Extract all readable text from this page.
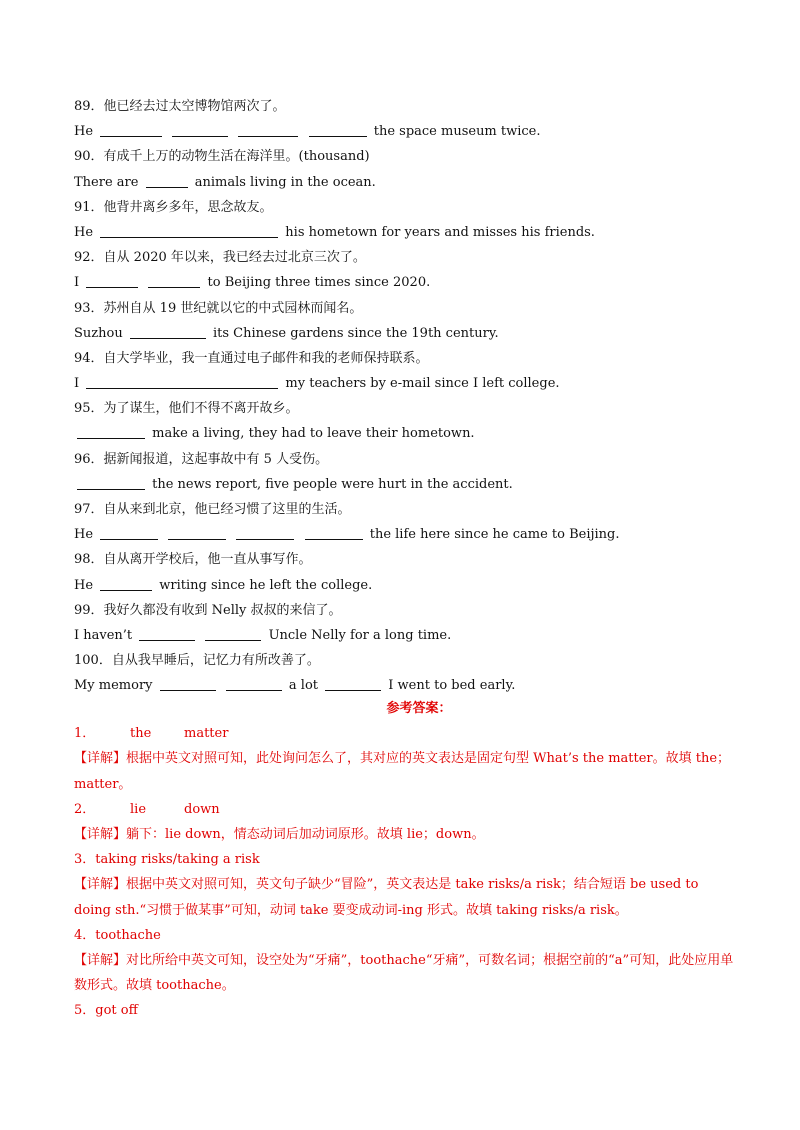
89．他已经去过太空博物馆两次了。
He	the space museum twice.
90．有成千上万的动物生活在海洋里。(thousand)
There are	animals living in the ocean.
91．他背井离乡多年，思念故友。
He	his hometown for years and misses his friends.
92．自从 2020 年以来，我已经去过北京三次了。
I	to Beijing three times since 2020.
93．苏州自从 19 世纪就以它的中式园林而闻名。
Suzhou	its Chinese gardens since the 19th century.
94．自大学毕业，我一直通过电子邮件和我的老师保持联系。
I	my teachers by e-mail since I left college.
95．为了谋生，他们不得不离开故乡。
make a living, they had to leave their hometown.
96．据新闻报道，这起事故中有 5 人受伤。
the news report, five people were hurt in the accident.
97．自从来到北京，他已经习惯了这里的生活。
He	the life here since he came to Beijing.
98．自从离开学校后，他一直从事写作。
He	writing since he left the college.
99．我好久都没有收到 Nelly 叔叔的来信了。
I haven’t	Uncle Nelly for a long time.
100．自从我早睡后，记忆力有所改善了。
My memory	a lot	I went to bed early.
参考答案：
1．	the	matter
【详解】根据中英文对照可知，此处询问怎么了，其对应的英文表达是固定句型 What’s the matter。故填 the；matter。
2．	lie	down
【详解】躺下：lie down，情态动词后加动词原形。故填 lie；down。
3．taking risks/taking a risk
【详解】根据中英文对照可知，英文句子缺少“冒险”，英文表达是 take risks/a risk；结合短语 be used to doing sth.“习惯于做某事”可知，动词 take 要变成动词-ing 形式。故填 taking risks/a risk。
4．toothache
【详解】对比所给中英文可知，设空处为“牙痛”，toothache“牙痛”，可数名词；根据空前的“a”可知，此处应用单数形式。故填 toothache。
5．got off
